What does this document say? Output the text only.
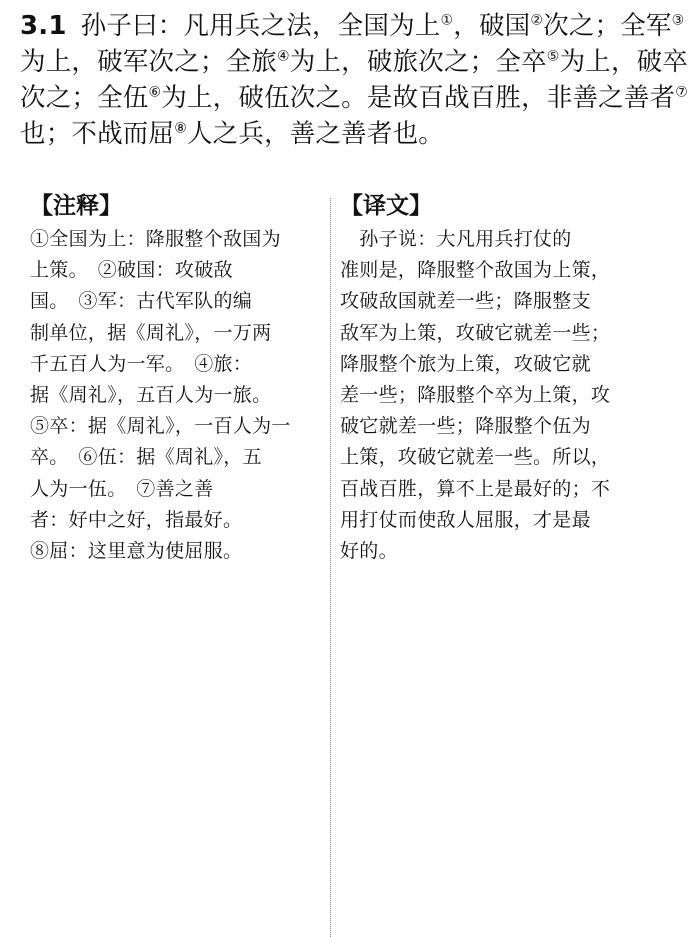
3.1 孙子曰：凡用兵之法，全国为上①，破国②次之；全军③
为上，破军次之；全旅④为上，破旅次之；全卒⑤为上，破卒
次之；全伍⑥为上，破伍次之。是故百战百胜，非善之善者⑦
也；不战而屈⑧人之兵，善之善者也。
【注释】
①全国为上：降服整个敌国为
上策。　②破国：攻破敌
国。　③军：古代军队的编
制单位，据《周礼》，一万两
千五百人为一军。　④旅：
据《周礼》，五百人为一旅。
⑤卒：据《周礼》，一百人为一
卒。　⑥伍：据《周礼》，五
人为一伍。　⑦善之善
者：好中之好，指最好。
⑧屈：这里意为使屈服。
【译文】
　孙子说：大凡用兵打仗的
准则是，降服整个敌国为上策，
攻破敌国就差一些；降服整支
敌军为上策，攻破它就差一些；
降服整个旅为上策，攻破它就
差一些；降服整个卒为上策，攻
破它就差一些；降服整个伍为
上策，攻破它就差一些。所以，
百战百胜，算不上是最好的；不
用打仗而使敌人屈服，才是最
好的。
